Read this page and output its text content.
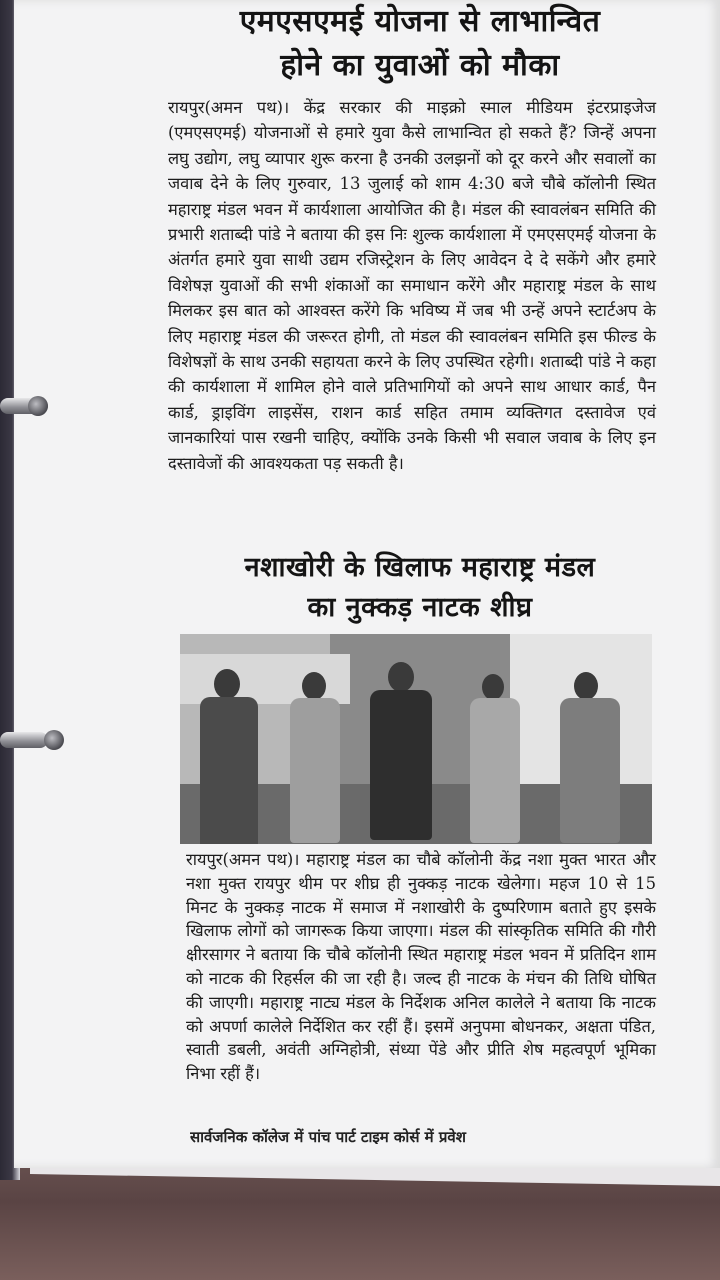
एमएसएमई योजना से लाभान्वित
होने का युवाओं को मौका

रायपुर(अमन पथ)। केंद्र सरकार की माइक्रो स्माल मीडियम इंटरप्राइजेज (एमएसएमई) योजनाओं से हमारे युवा कैसे लाभान्वित हो सकते हैं? जिन्हें अपना लघु उद्योग, लघु व्यापार शुरू करना है उनकी उलझनों को दूर करने और सवालों का जवाब देने के लिए गुरुवार, 13 जुलाई को शाम 4:30 बजे चौबे कॉलोनी स्थित महाराष्ट्र मंडल भवन में कार्यशाला आयोजित की है। मंडल की स्वावलंबन समिति की प्रभारी शताब्दी पांडे ने बताया की इस निः शुल्क कार्यशाला में एमएसएमई योजना के अंतर्गत हमारे युवा साथी उद्यम रजिस्ट्रेशन के लिए आवेदन दे दे सकेंगे और हमारे विशेषज्ञ युवाओं की सभी शंकाओं का समाधान करेंगे और महाराष्ट्र मंडल के साथ मिलकर इस बात को आश्वस्त करेंगे कि भविष्य में जब भी उन्हें अपने स्टार्टअप के लिए महाराष्ट्र मंडल की जरूरत होगी, तो मंडल की स्वावलंबन समिति इस फील्ड के विशेषज्ञों के साथ उनकी सहायता करने के लिए उपस्थित रहेगी। शताब्दी पांडे ने कहा की कार्यशाला में शामिल होने वाले प्रतिभागियों को अपने साथ आधार कार्ड, पैन कार्ड, ड्राइविंग लाइसेंस, राशन कार्ड सहित तमाम व्यक्तिगत दस्तावेज एवं जानकारियां पास रखनी चाहिए, क्योंकि उनके किसी भी सवाल जवाब के लिए इन दस्तावेजों की आवश्यकता पड़ सकती है।

नशाखोरी के खिलाफ महाराष्ट्र मंडल
का नुक्कड़ नाटक शीघ्र

रायपुर(अमन पथ)। महाराष्ट्र मंडल का चौबे कॉलोनी केंद्र नशा मुक्त भारत और नशा मुक्त रायपुर थीम पर शीघ्र ही नुक्कड़ नाटक खेलेगा। महज 10 से 15 मिनट के नुक्कड़ नाटक में समाज में नशाखोरी के दुष्परिणाम बताते हुए इसके खिलाफ लोगों को जागरूक किया जाएगा। मंडल की सांस्कृतिक समिति की गौरी क्षीरसागर ने बताया कि चौबे कॉलोनी स्थित महाराष्ट्र मंडल भवन में प्रतिदिन शाम को नाटक की रिहर्सल की जा रही है। जल्द ही नाटक के मंचन की तिथि घोषित की जाएगी। महाराष्ट्र नाट्य मंडल के निर्देशक अनिल कालेले ने बताया कि नाटक को अपर्णा कालेले निर्देशित कर रहीं हैं। इसमें अनुपमा बोधनकर, अक्षता पंडित, स्वाती डबली, अवंती अग्निहोत्री, संध्या पेंडे और प्रीति शेष महत्वपूर्ण भूमिका निभा रहीं हैं।

सार्वजनिक कॉलेज में पांच पार्ट टाइम कोर्स में प्रवेश
